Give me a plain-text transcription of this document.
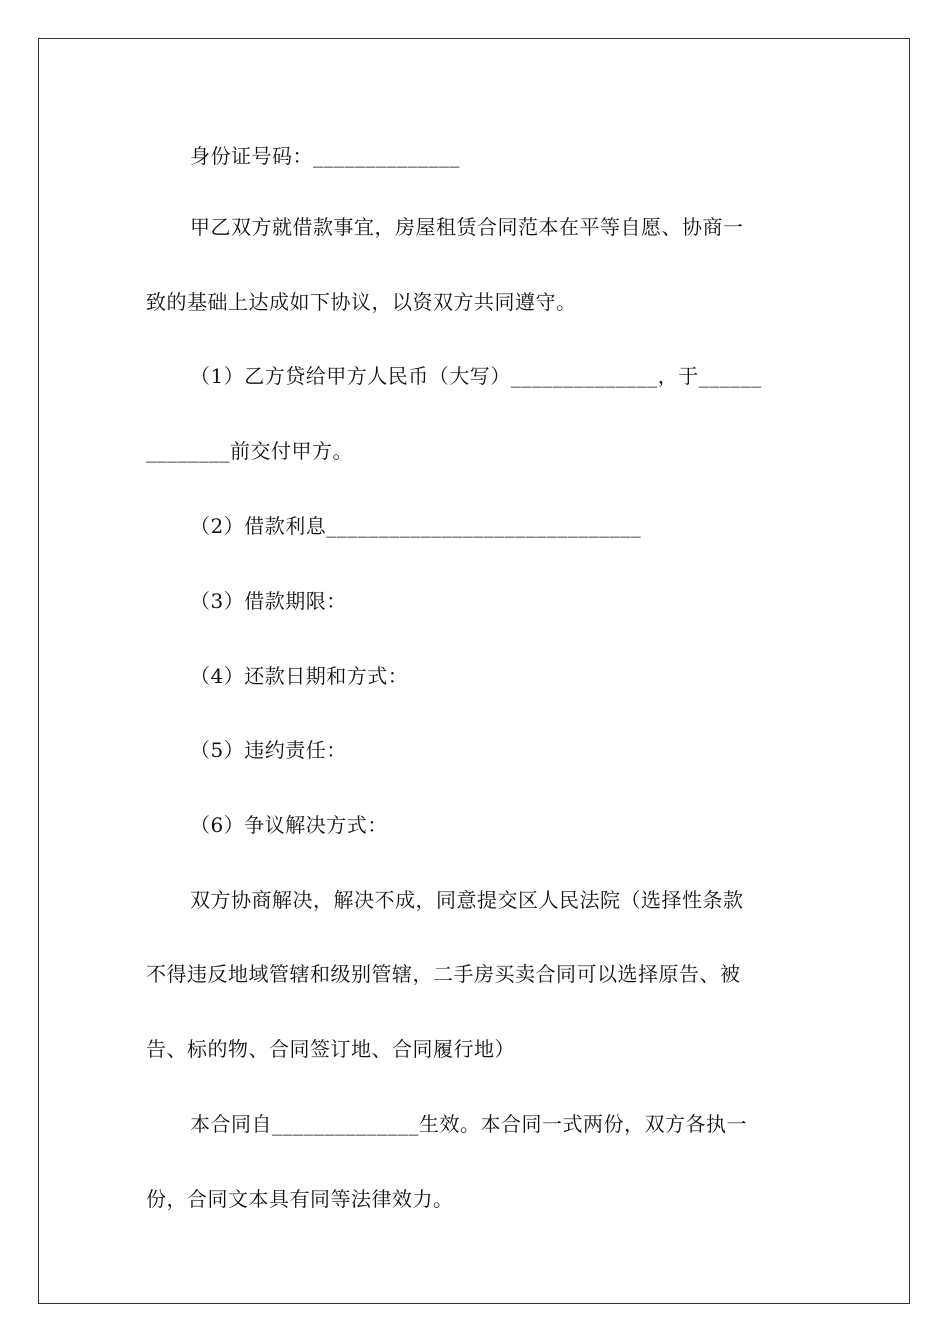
身份证号码：______________
甲乙双方就借款事宜，房屋租赁合同范本在平等自愿、协商一
致的基础上达成如下协议，以资双方共同遵守。
（1）乙方贷给甲方人民币（大写）______________，于______
________前交付甲方。
（2）借款利息______________________________
（3）借款期限：
（4）还款日期和方式：
（5）违约责任：
（6）争议解决方式：
双方协商解决，解决不成，同意提交区人民法院（选择性条款
不得违反地域管辖和级别管辖，二手房买卖合同可以选择原告、被
告、标的物、合同签订地、合同履行地）
本合同自______________生效。本合同一式两份，双方各执一
份，合同文本具有同等法律效力。
